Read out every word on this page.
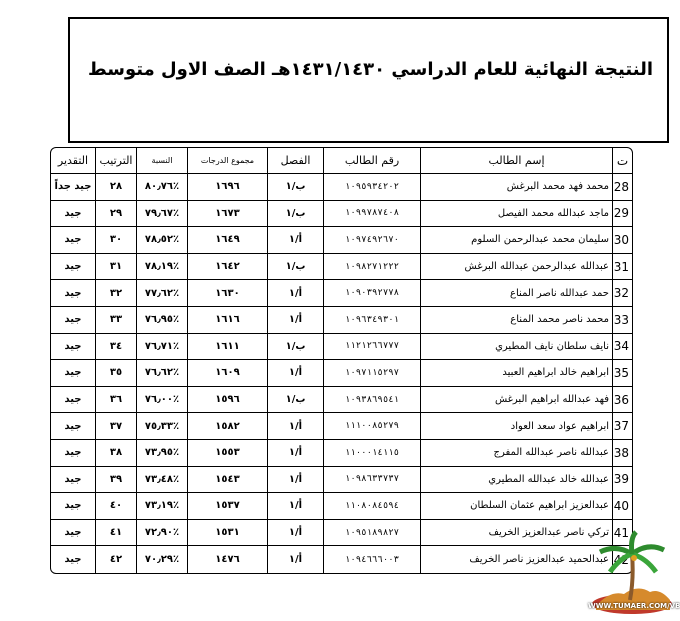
النتيجة النهائية للعام الدراسي ١٤٣١/١٤٣٠هـ الصف الاول متوسط
ت	إسم الطالب	رقم الطالب	الفصل	مجموع الدرجات	النسبة	الترتيب	التقدير
28	محمد فهد محمد البرغش	١٠٩٥٩٣٤٢٠٢	ب/١	١٦٩٦	٪٨٠٫٧٦	٢٨	جيد جداً
29	ماجد عبدالله محمد الفيصل	١٠٩٩٧٨٧٤٠٨	ب/١	١٦٧٣	٪٧٩٫٦٧	٢٩	جيد
30	سليمان محمد عبدالرحمن السلوم	١٠٩٧٤٩٢٦٧٠	أ/١	١٦٤٩	٪٧٨٫٥٢	٣٠	جيد
31	عبدالله عبدالرحمن عبدالله البرغش	١٠٩٨٢٧١٢٢٢	ب/١	١٦٤٢	٪٧٨٫١٩	٣١	جيد
32	حمد عبدالله ناصر المناع	١٠٩٠٣٩٢٧٧٨	أ/١	١٦٣٠	٪٧٧٫٦٢	٣٢	جيد
33	محمد ناصر محمد المناع	١٠٩٦٣٤٩٣٠١	أ/١	١٦١٦	٪٧٦٫٩٥	٣٣	جيد
34	نايف سلطان نايف المطيري	١١٢١٢٦٦٧٧٧	ب/١	١٦١١	٪٧٦٫٧١	٣٤	جيد
35	ابراهيم خالد ابراهيم العبيد	١٠٩٧١١٥٢٩٧	أ/١	١٦٠٩	٪٧٦٫٦٢	٣٥	جيد
36	فهد عبدالله ابراهيم البرغش	١٠٩٣٨٦٩٥٤١	ب/١	١٥٩٦	٪٧٦٫٠٠	٣٦	جيد
37	ابراهيم عواد سعد العواد	١١١٠٠٨٥٢٧٩	أ/١	١٥٨٢	٪٧٥٫٣٣	٣٧	جيد
38	عبدالله ناصر عبدالله المفرج	١١٠٠٠١٤١١٥	أ/١	١٥٥٣	٪٧٣٫٩٥	٣٨	جيد
39	عبدالله خالد عبدالله المطيري	١٠٩٨٦٣٣٧٣٧	أ/١	١٥٤٣	٪٧٣٫٤٨	٣٩	جيد
40	عبدالعزيز ابراهيم عثمان السلطان	١١٠٨٠٨٤٥٩٤	أ/١	١٥٣٧	٪٧٣٫١٩	٤٠	جيد
41	تركي ناصر عبدالعزيز الخريف	١٠٩٥١٨٩٨٢٧	أ/١	١٥٣١	٪٧٢٫٩٠	٤١	جيد
42	عبدالحميد عبدالعزيز ناصر الخريف	١٠٩٤٦٦٦٠٠٣	أ/١	١٤٧٦	٪٧٠٫٢٩	٤٢	جيد
WWW.TUMAER.COM/VB
